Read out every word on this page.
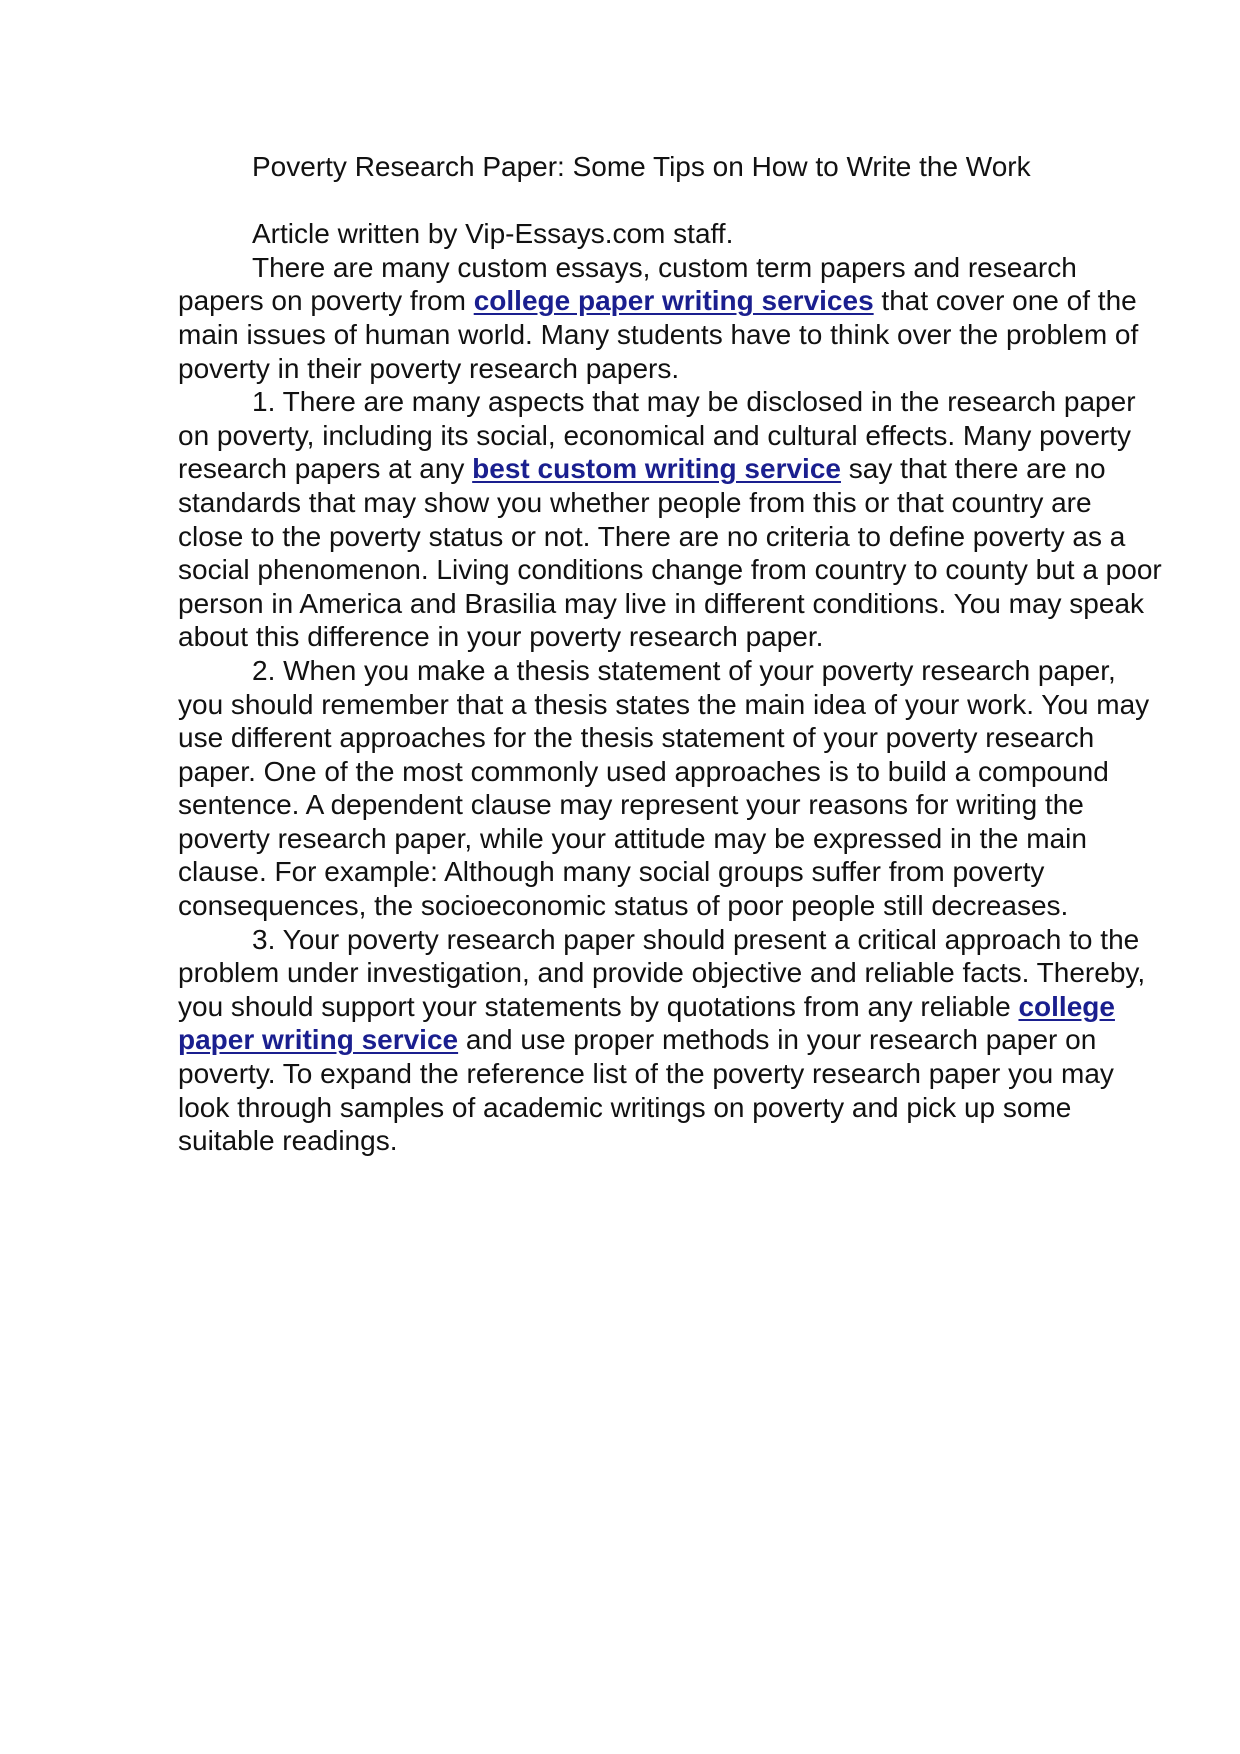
Poverty Research Paper: Some Tips on How to Write the Work

Article written by Vip-Essays.com staff.

There are many custom essays, custom term papers and research papers on poverty from college paper writing services that cover one of the main issues of human world. Many students have to think over the problem of poverty in their poverty research papers.

1. There are many aspects that may be disclosed in the research paper on poverty, including its social, economical and cultural effects. Many poverty research papers at any best custom writing service say that there are no standards that may show you whether people from this or that country are close to the poverty status or not. There are no criteria to define poverty as a social phenomenon. Living conditions change from country to county but a poor person in America and Brasilia may live in different conditions. You may speak about this difference in your poverty research paper.

2. When you make a thesis statement of your poverty research paper, you should remember that a thesis states the main idea of your work. You may use different approaches for the thesis statement of your poverty research paper. One of the most commonly used approaches is to build a compound sentence. A dependent clause may represent your reasons for writing the poverty research paper, while your attitude may be expressed in the main clause. For example: Although many social groups suffer from poverty consequences, the socioeconomic status of poor people still decreases.

3. Your poverty research paper should present a critical approach to the problem under investigation, and provide objective and reliable facts. Thereby, you should support your statements by quotations from any reliable college paper writing service and use proper methods in your research paper on poverty. To expand the reference list of the poverty research paper you may look through samples of academic writings on poverty and pick up some suitable readings.
